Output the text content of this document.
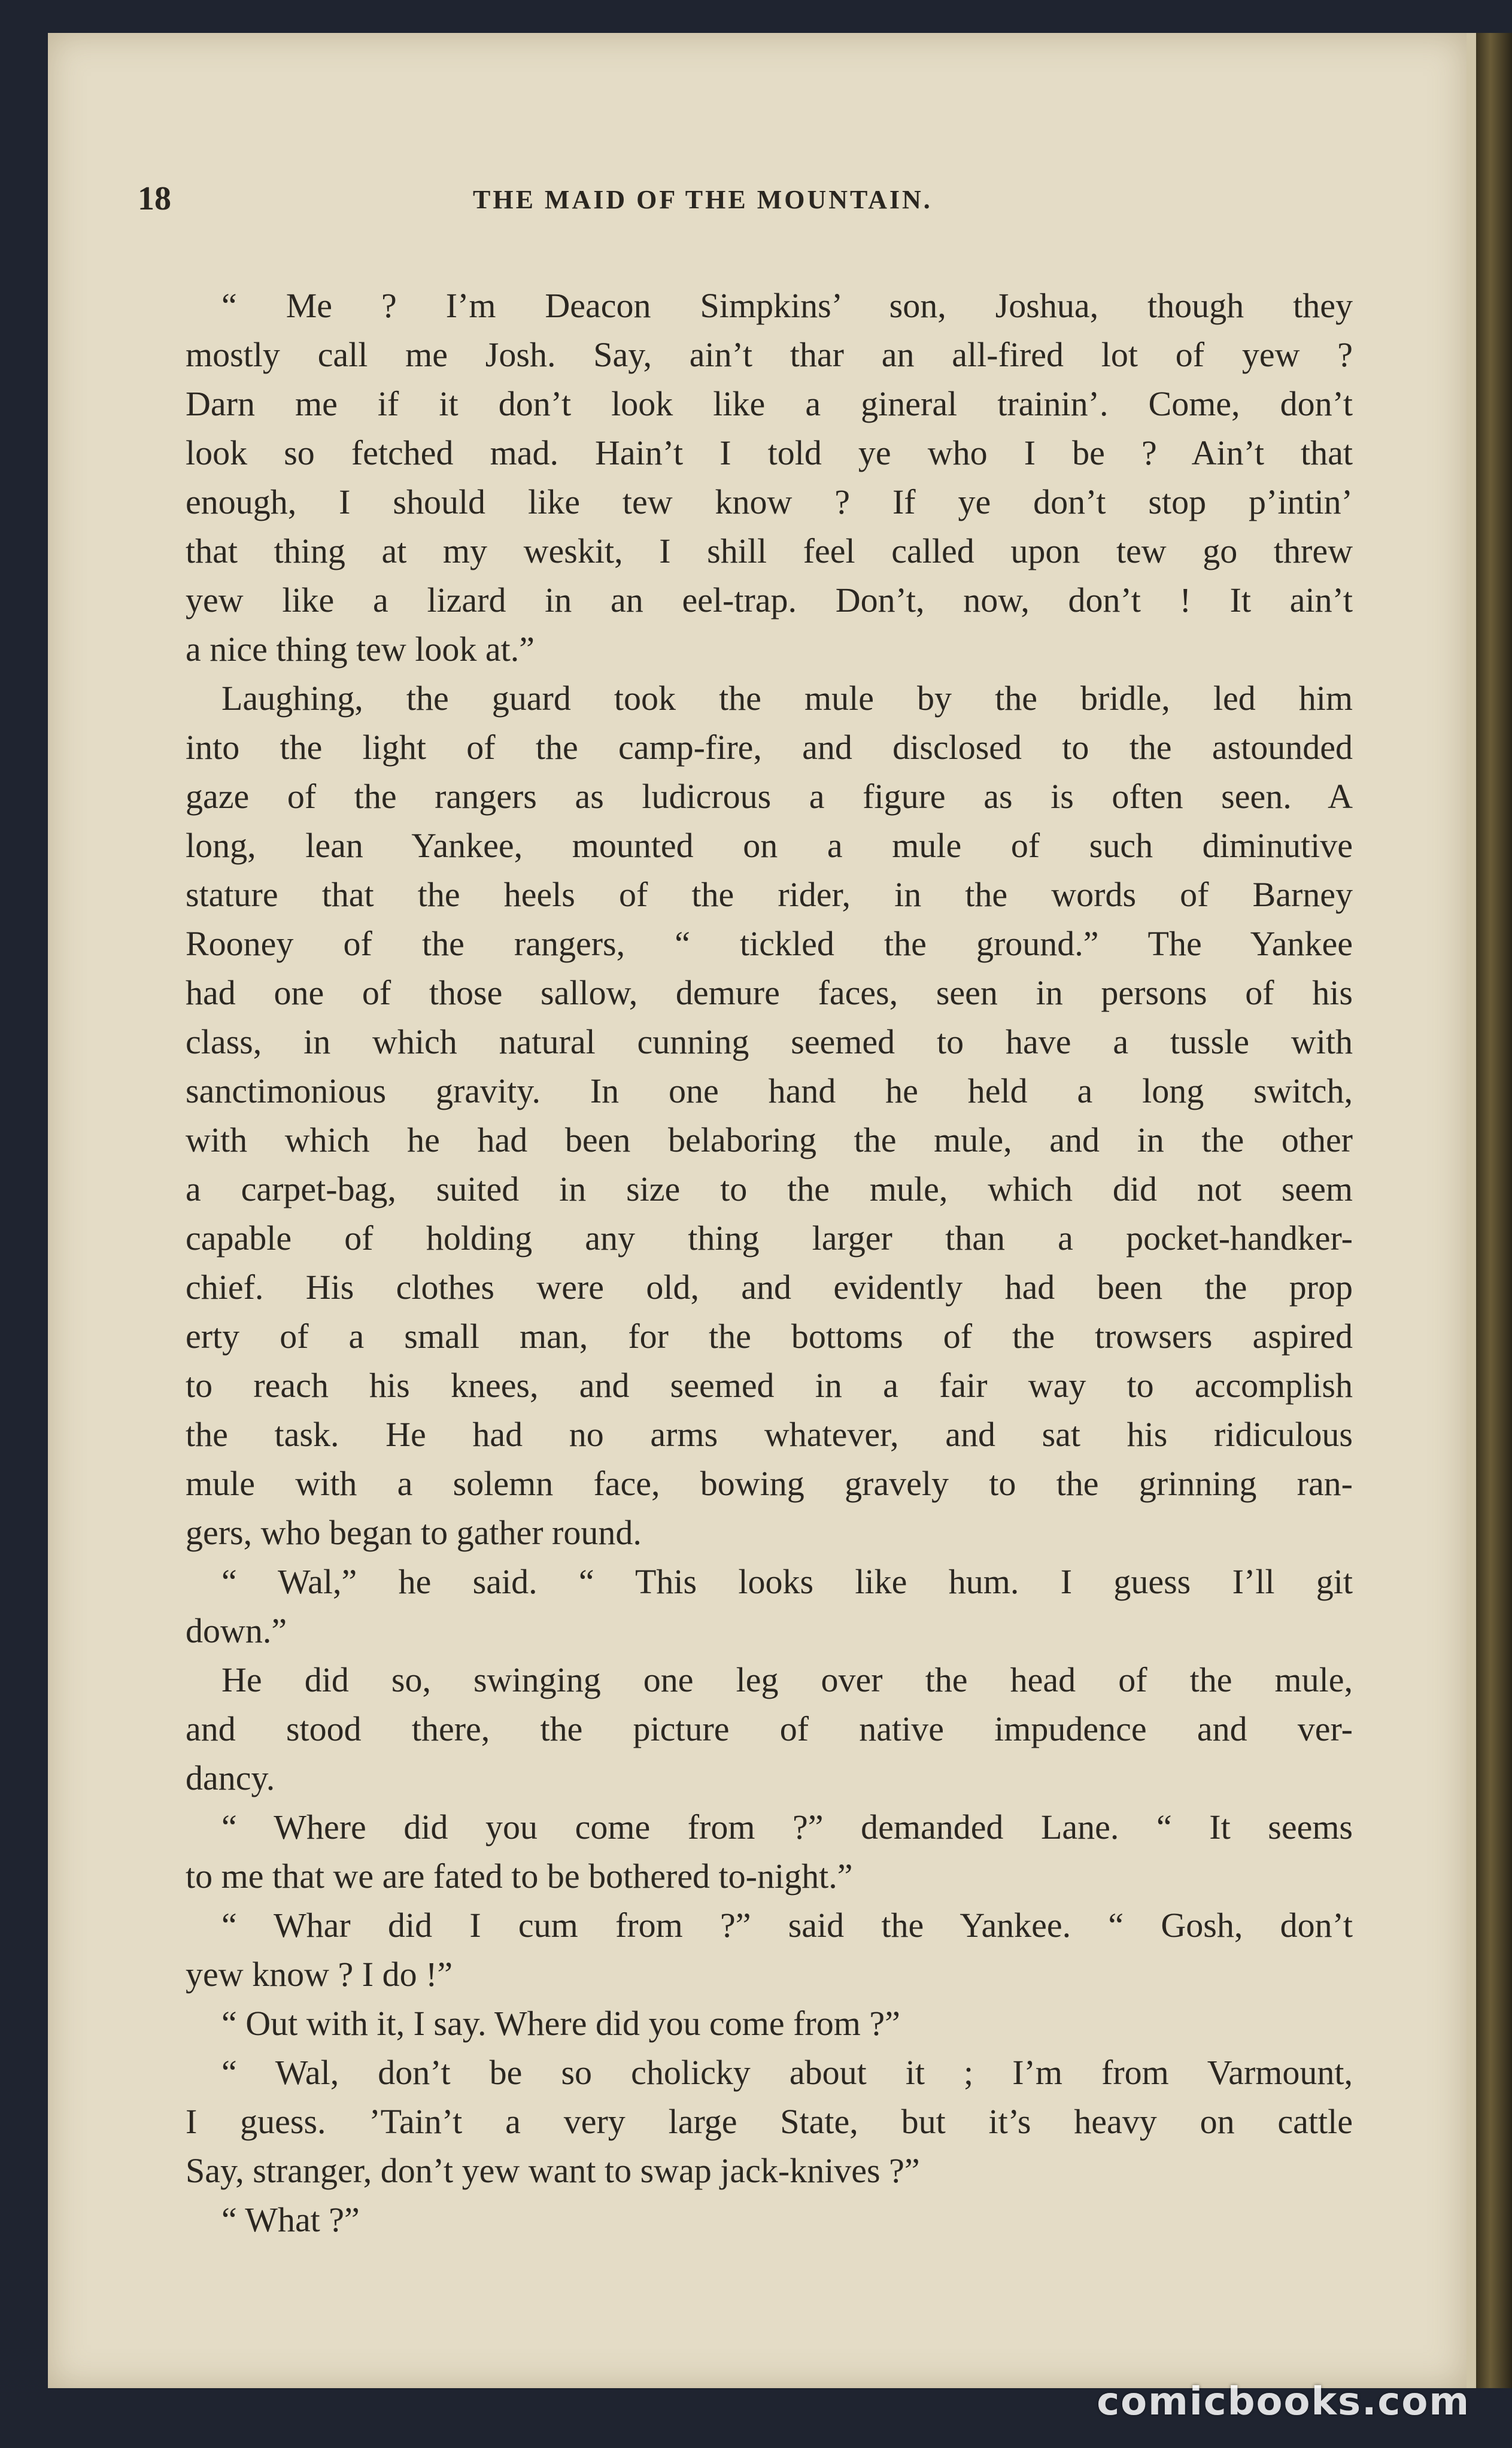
18	THE MAID OF THE MOUNTAIN.
“ Me ? I’m Deacon Simpkins’ son, Joshua, though they
mostly call me Josh. Say, ain’t thar an all-fired lot of yew ?
Darn me if it don’t look like a gineral trainin’. Come, don’t
look so fetched mad. Hain’t I told ye who I be ? Ain’t that
enough, I should like tew know ? If ye don’t stop p’intin’
that thing at my weskit, I shill feel called upon tew go threw
yew like a lizard in an eel-trap. Don’t, now, don’t ! It ain’t
a nice thing tew look at.”
Laughing, the guard took the mule by the bridle, led him
into the light of the camp-fire, and disclosed to the astounded
gaze of the rangers as ludicrous a figure as is often seen. A
long, lean Yankee, mounted on a mule of such diminutive
stature that the heels of the rider, in the words of Barney
Rooney of the rangers, “ tickled the ground.” The Yankee
had one of those sallow, demure faces, seen in persons of his
class, in which natural cunning seemed to have a tussle with
sanctimonious gravity. In one hand he held a long switch,
with which he had been belaboring the mule, and in the other
a carpet-bag, suited in size to the mule, which did not seem
capable of holding any thing larger than a pocket-handker-
chief. His clothes were old, and evidently had been the prop
erty of a small man, for the bottoms of the trowsers aspired
to reach his knees, and seemed in a fair way to accomplish
the task. He had no arms whatever, and sat his ridiculous
mule with a solemn face, bowing gravely to the grinning ran-
gers, who began to gather round.
“ Wal,” he said. “ This looks like hum. I guess I’ll git
down.”
He did so, swinging one leg over the head of the mule,
and stood there, the picture of native impudence and ver-
dancy.
“ Where did you come from ?” demanded Lane. “ It seems
to me that we are fated to be bothered to-night.”
“ Whar did I cum from ?” said the Yankee. “ Gosh, don’t
yew know ? I do !”
“ Out with it, I say. Where did you come from ?”
“ Wal, don’t be so cholicky about it ; I’m from Varmount,
I guess. ’Tain’t a very large State, but it’s heavy on cattle
Say, stranger, don’t yew want to swap jack-knives ?”
“ What ?”
comicbooks.com
